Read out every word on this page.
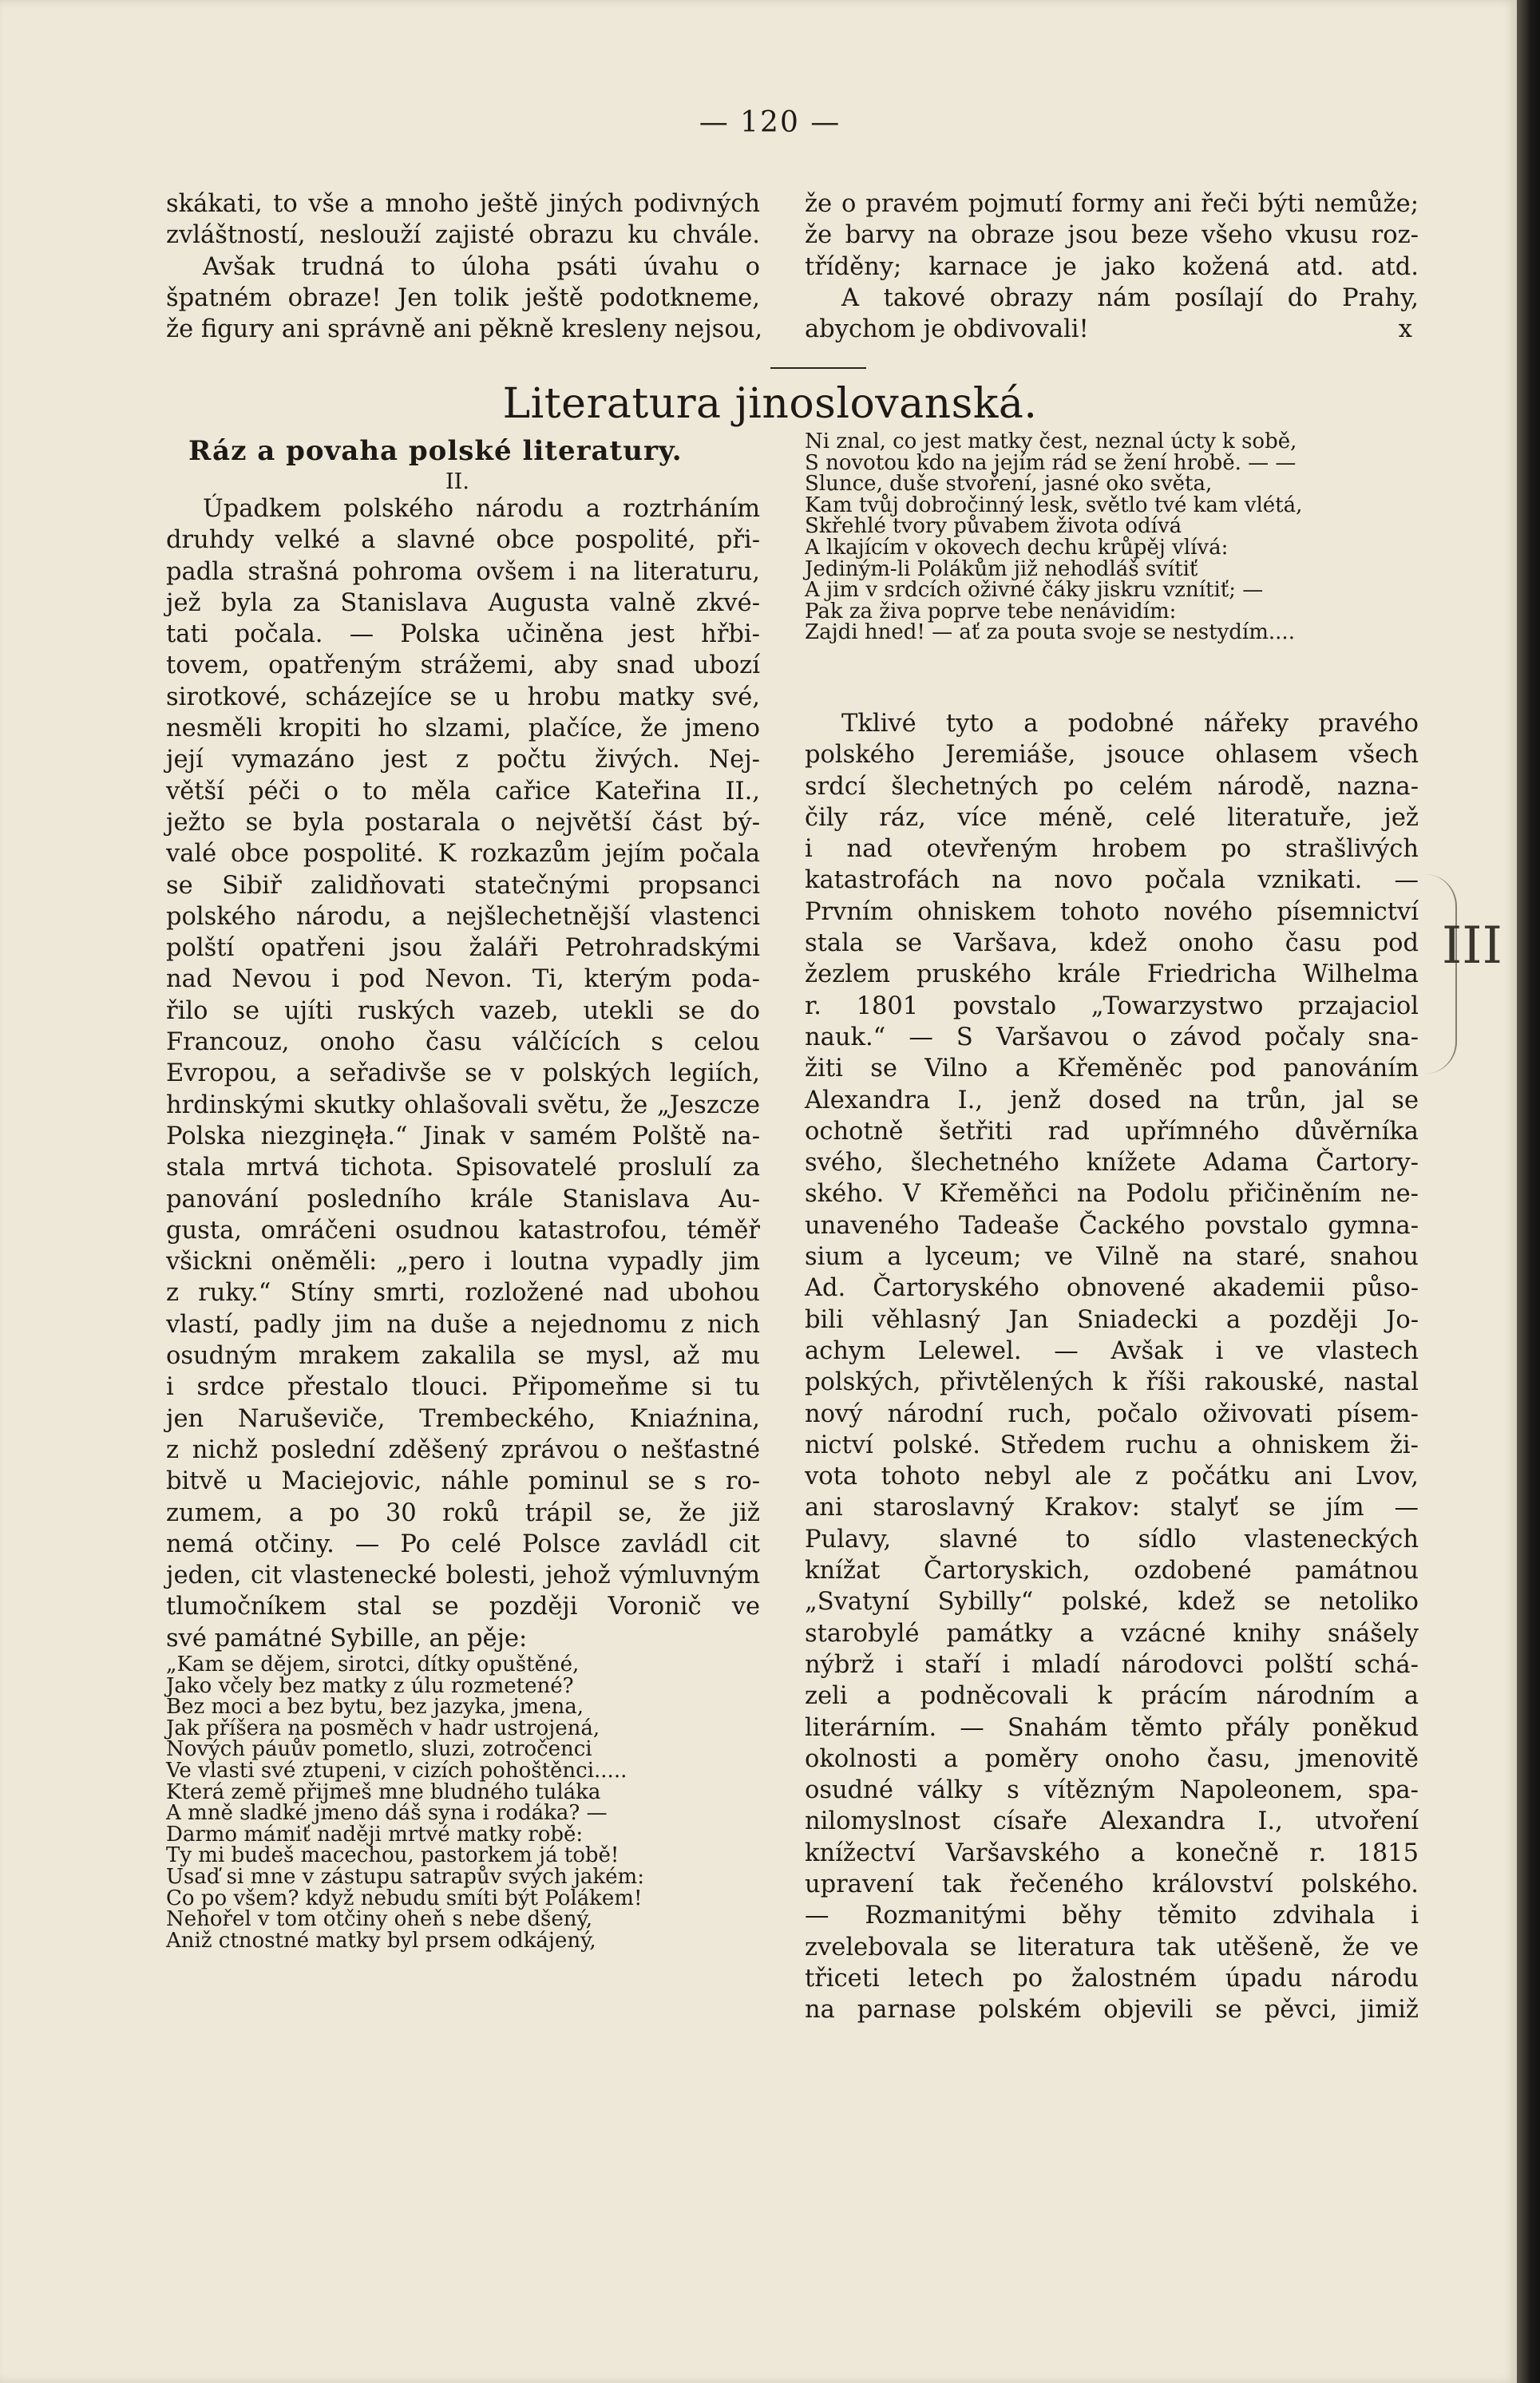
— 120 —
skákati, to vše a mnoho ještě jiných podivných
zvláštností, neslouží zajisté obrazu ku chvále.
Avšak trudná to úloha psáti úvahu o
špatném obraze! Jen tolik ještě podotkneme,
že figury ani správně ani pěkně kresleny nejsou,
že o pravém pojmutí formy ani řeči býti nemůže;
že barvy na obraze jsou beze všeho vkusu roz-
tříděny; karnace je jako kožená atd. atd.
A takové obrazy nám posílají do Prahy,
abychom je obdivovali!	x
Literatura jinoslovanská.
Ráz a povaha polské literatury.
II.
Úpadkem polského národu a roztrháním
druhdy velké a slavné obce pospolité, při-
padla strašná pohroma ovšem i na literaturu,
jež byla za Stanislava Augusta valně zkvé-
tati počala. — Polska učiněna jest hřbi-
tovem, opatřeným strážemi, aby snad ubozí
sirotkové, scházejíce se u hrobu matky své,
nesměli kropiti ho slzami, plačíce, že jmeno
její vymazáno jest z počtu živých. Nej-
větší péči o to měla cařice Kateřina II.,
ježto se byla postarala o největší část bý-
valé obce pospolité. K rozkazům jejím počala
se Sibiř zalidňovati statečnými propsanci
polského národu, a nejšlechetnější vlastenci
polští opatřeni jsou žaláři Petrohradskými
nad Nevou i pod Nevon. Ti, kterým poda-
řilo se ujíti ruských vazeb, utekli se do
Francouz, onoho času válčících s celou
Evropou, a seřadivše se v polských legiích,
hrdinskými skutky ohlašovali světu, že „Jeszcze
Polska niezginęła.“ Jinak v samém Polště na-
stala mrtvá tichota. Spisovatelé proslulí za
panování posledního krále Stanislava Au-
gusta, omráčeni osudnou katastrofou, téměř
všickni oněměli: „pero i loutna vypadly jim
z ruky.“ Stíny smrti, rozložené nad ubohou
vlastí, padly jim na duše a nejednomu z nich
osudným mrakem zakalila se mysl, až mu
i srdce přestalo tlouci. Připomeňme si tu
jen Naruševiče, Trembeckého, Kniaźnina,
z nichž poslední zděšený zprávou o nešťastné
bitvě u Maciejovic, náhle pominul se s ro-
zumem, a po 30 roků trápil se, že již
nemá otčiny. — Po celé Polsce zavládl cit
jeden, cit vlastenecké bolesti, jehož výmluvným
tlumočníkem stal se později Voronič ve
své památné Sybille, an pěje:
„Kam se dějem, sirotci, dítky opuštěné,
Jako včely bez matky z úlu rozmetené?
Bez moci a bez bytu, bez jazyka, jmena,
Jak příšera na posměch v hadr ustrojená,
Nových páuův pometlo, sluzi, zotročenci
Ve vlasti své ztupeni, v cizích pohoštěnci.....
Která země přijmeš mne bludného tuláka
A mně sladké jmeno dáš syna i rodáka? —
Darmo mámiť naději mrtvé matky robě:
Ty mi budeš macechou, pastorkem já tobě!
Usaď si mne v zástupu satrapův svých jakém:
Co po všem? když nebudu smíti být Polákem!
Nehořel v tom otčiny oheň s nebe dšený,
Aniž ctnostné matky byl prsem odkájený,
Ni znal, co jest matky čest, neznal úcty k sobě,
S novotou kdo na jejím rád se žení hrobě. — —
Slunce, duše stvoření, jasné oko světa,
Kam tvůj dobročinný lesk, světlo tvé kam vlétá,
Skřehlé tvory půvabem života odívá
A lkajícím v okovech dechu krůpěj vlívá:
Jediným-li Polákům již nehodláš svítiť
A jim v srdcích oživné čáky jiskru vznítiť; —
Pak za živa poprve tebe nenávidím:
Zajdi hned! — ať za pouta svoje se nestydím....
Tklivé tyto a podobné nářeky pravého
polského Jeremiáše, jsouce ohlasem všech
srdcí šlechetných po celém národě, nazna-
čily ráz, více méně, celé literatuře, jež
i nad otevřeným hrobem po strašlivých
katastrofách na novo počala vznikati. —
Prvním ohniskem tohoto nového písemnictví
stala se Varšava, kdež onoho času pod
žezlem pruského krále Friedricha Wilhelma
r. 1801 povstalo „Towarzystwo przajaciol
nauk.“ — S Varšavou o závod počaly sna-
žiti se Vilno a Křeměněc pod panováním
Alexandra I., jenž dosed na trůn, jal se
ochotně šetřiti rad upřímného důvěrníka
svého, šlechetného knížete Adama Čartory-
ského. V Křeměňci na Podolu přičiněním ne-
unaveného Tadeaše Čackého povstalo gymna-
sium a lyceum; ve Vilně na staré, snahou
Ad. Čartoryského obnovené akademii půso-
bili věhlasný Jan Sniadecki a později Jo-
achym Lelewel. — Avšak i ve vlastech
polských, přivtělených k říši rakouské, nastal
nový národní ruch, počalo oživovati písem-
nictví polské. Středem ruchu a ohniskem ži-
vota tohoto nebyl ale z počátku ani Lvov,
ani staroslavný Krakov: stalyť se jím —
Pulavy, slavné to sídlo vlasteneckých
knížat Čartoryskich, ozdobené památnou
„Svatyní Sybilly“ polské, kdež se netoliko
starobylé památky a vzácné knihy snášely
nýbrž i staří i mladí národovci polští schá-
zeli a podněcovali k prácím národním a
literárním. — Snahám těmto přály poněkud
okolnosti a poměry onoho času, jmenovitě
osudné války s vítězným Napoleonem, spa-
nilomyslnost císaře Alexandra I., utvoření
knížectví Varšavského a konečně r. 1815
upravení tak řečeného království polského.
— Rozmanitými běhy těmito zdvihala i
zvelebovala se literatura tak utěšeně, že ve
třiceti letech po žalostném úpadu národu
na parnase polském objevili se pěvci, jimiž
III
